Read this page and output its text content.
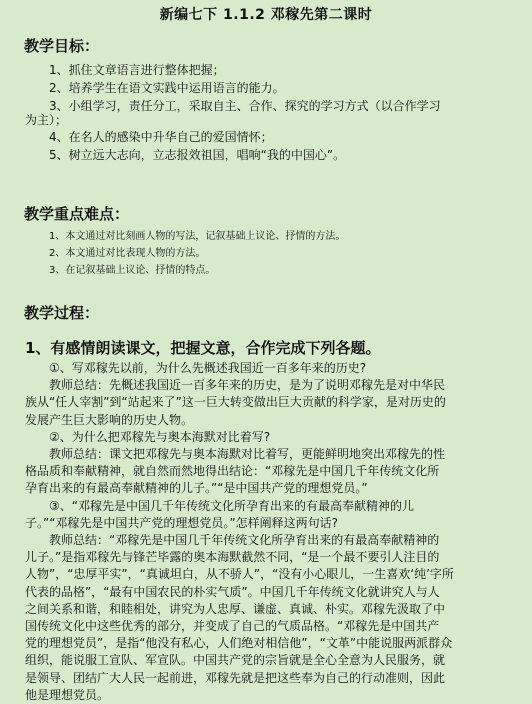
新编七下 1.1.2 邓稼先第二课时
教学目标：
1、抓住文章语言进行整体把握；
2、培养学生在语文实践中运用语言的能力。
3、小组学习，责任分工，采取自主、合作、探究的学习方式（以合作学习
为主）；
4、在名人的感染中升华自己的爱国情怀；
5、树立远大志向，立志报效祖国，唱响“我的中国心”。
教学重点难点：
1、本文通过对比刻画人物的写法，记叙基础上议论、抒情的方法。
2、本文通过对比表现人物的方法。
3、在记叙基础上议论、抒情的特点。
教学过程：
1、有感情朗读课文，把握文意，合作完成下列各题。
　　①、写邓稼先以前，为什么先概述我国近一百多年来的历史?
　　教师总结：先概述我国近一百多年来的历史，是为了说明邓稼先是对中华民
族从“任人宰割”到“站起来了”这一巨大转变做出巨大贡献的科学家，是对历史的
发展产生巨大影响的历史人物。
　　②、为什么把邓稼先与奥本海默对比着写?
　　教师总结：课文把邓稼先与奥本海默对比着写，更能鲜明地突出邓稼先的性
格品质和奉献精神，就自然而然地得出结论：“邓稼先是中国几千年传统文化所
孕育出来的有最高奉献精神的儿子。”“是中国共产党的理想党员。”
　　③、“邓稼先是中国几千年传统文化所孕育出来的有最高奉献精神的儿
子。”“邓稼先是中国共产党的理想党员。”怎样阐释这两句话?
　　教师总结：“邓稼先是中国几千年传统文化所孕育出来的有最高奉献精神的
儿子。”是指邓稼先与锋芒毕露的奥本海默截然不同，“是一个最不要引人注目的
人物”，“忠厚平实”，“真诚坦白，从不骄人”，“没有小心眼儿，一生喜欢‘纯’字所
代表的品格”，“最有中国农民的朴实气质”。中国几千年传统文化就讲究人与人
之间关系和谐，和睦相处，讲究为人忠厚、谦虚、真诚、朴实。邓稼先汲取了中
国传统文化中这些优秀的部分，并变成了自己的气质品格。“邓稼先是中国共产
党的理想党员”，是指“他没有私心，人们绝对相信他”，“文革”中能说服两派群众
组织，能说服工宣队、军宣队。中国共产党的宗旨就是全心全意为人民服务，就
是领导、团结广大人民一起前进，邓稼先就是把这些奉为自己的行动准则，因此
他是理想党员。
